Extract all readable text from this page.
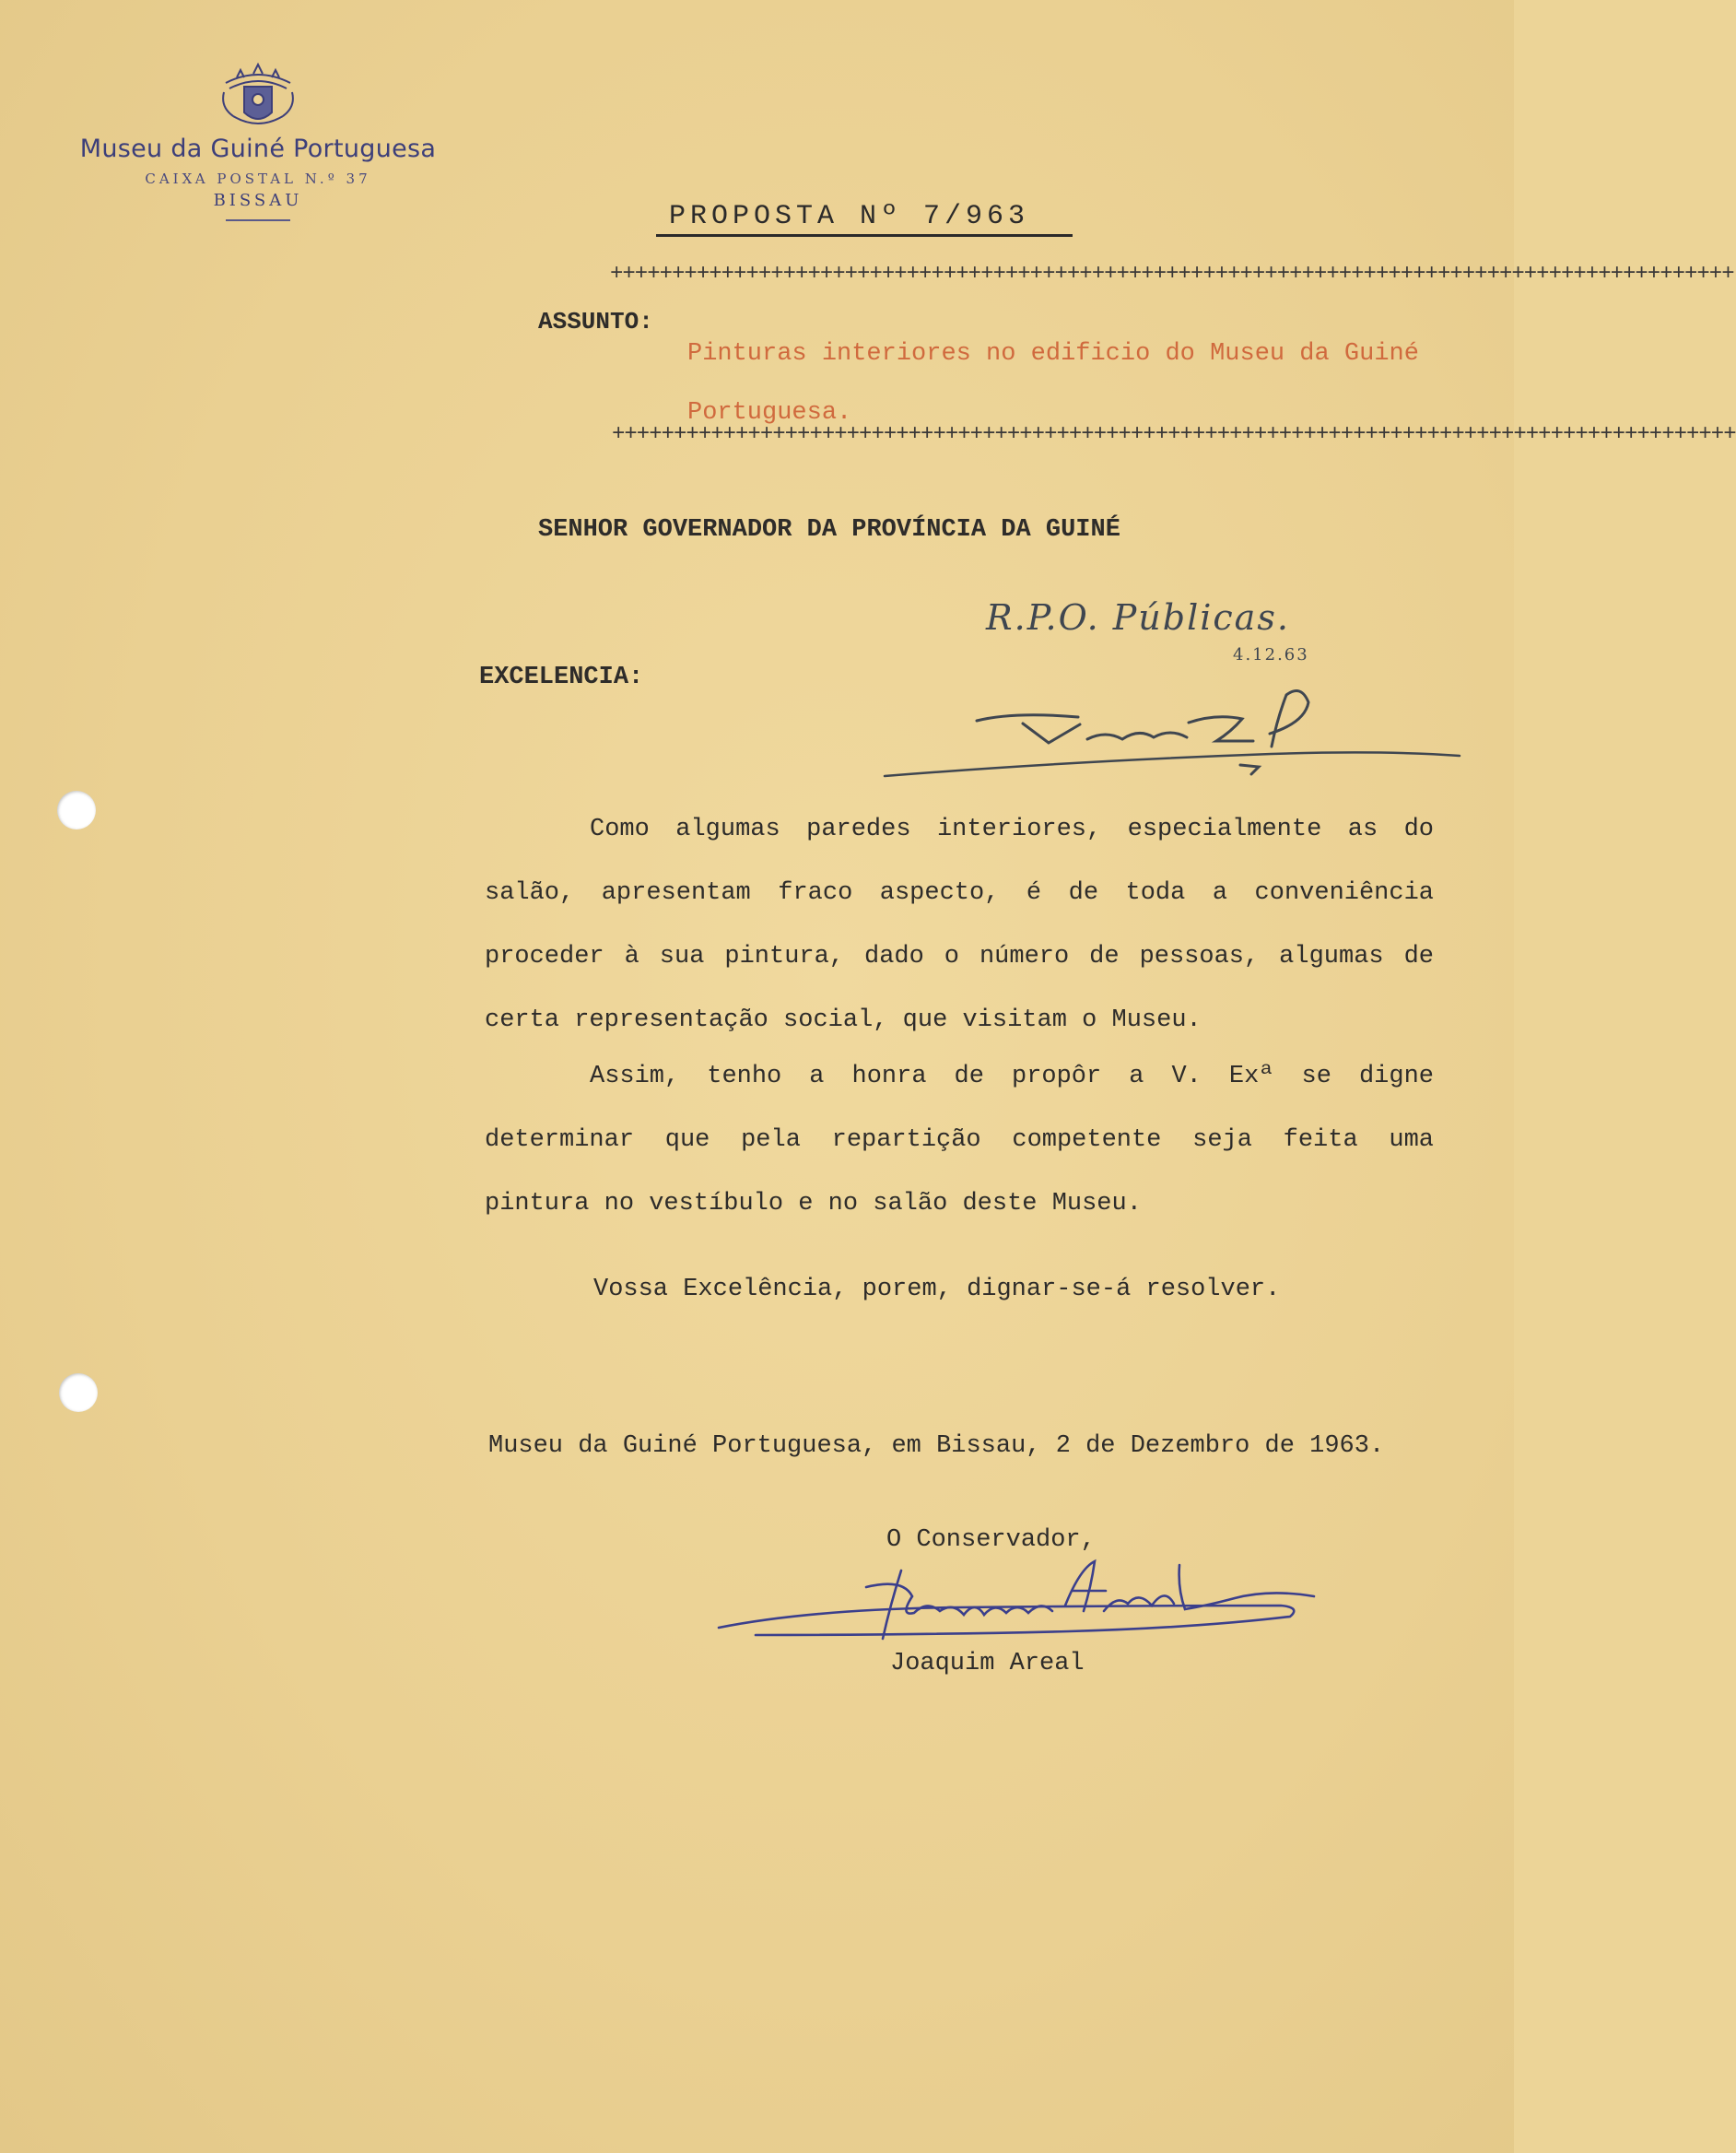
Museu da Guiné Portuguesa
CAIXA POSTAL N.º 37
BISSAU
PROPOSTA Nº 7/963
+++++++++++++++++++++++++++++++++++++++++++++++++++++++++++++++++++++++++++++++++++++++++++
ASSUNTO:
Pinturas interiores no edificio do Museu da Guiné Portuguesa.
+++++++++++++++++++++++++++++++++++++++++++++++++++++++++++++++++++++++++++++++++++++++++++
SENHOR GOVERNADOR DA PROVÍNCIA DA GUINÉ
R.P.O. Públicas.
4.12.63
EXCELENCIA:

Como algumas paredes interiores, especialmente as do salão, apresentam fraco aspecto, é de toda a conveniência proceder à sua pintura, dado o número de pessoas, algumas de certa representação social, que visitam o Museu.

Assim, tenho a honra de propôr a V. Exª se digne determinar que pela repartição competente seja feita uma pintura no vestíbulo e no salão deste Museu.

Vossa Excelência, porem, dignar-se-á resolver.
Museu da Guiné Portuguesa, em Bissau, 2 de Dezembro de 1963.
O Conservador,
Joaquim Areal
